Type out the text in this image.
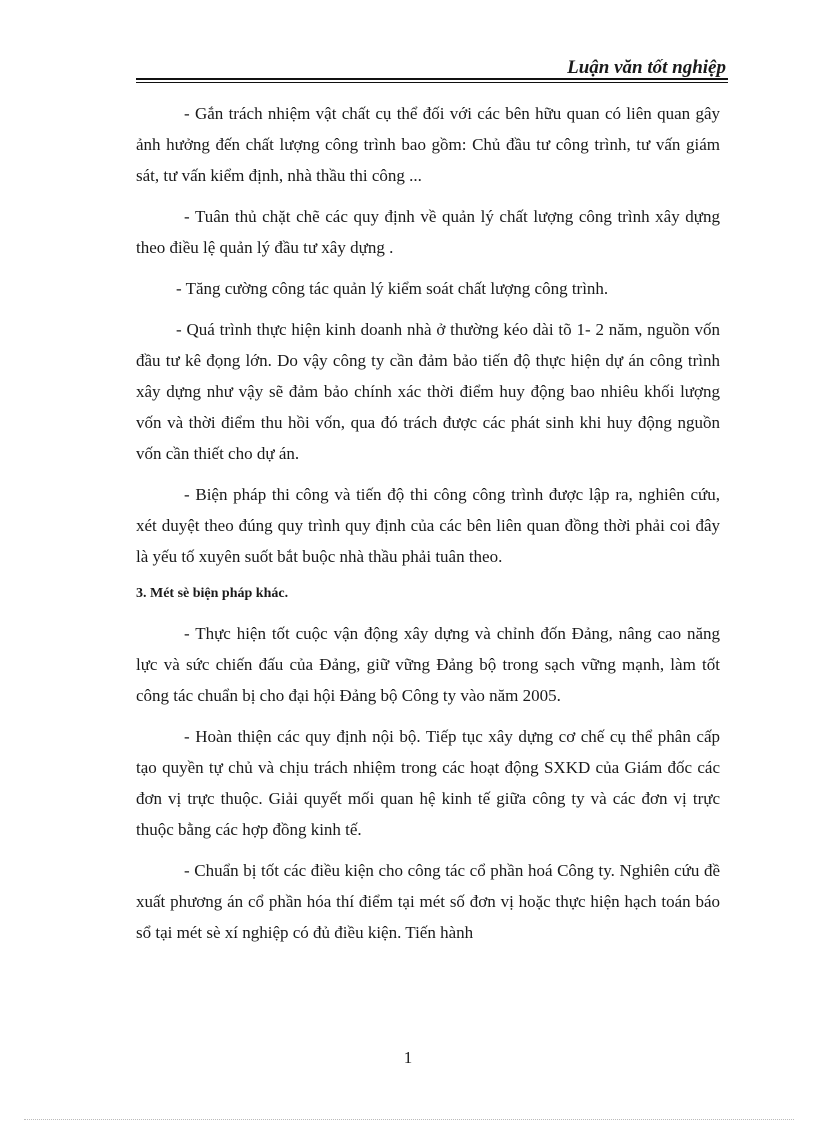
Luận văn tốt nghiệp

- Gắn trách nhiệm vật chất cụ thể đối với các bên hữu quan có liên quan gây ảnh hưởng đến chất lượng công trình bao gồm: Chủ đầu tư công trình, tư vấn giám sát, tư vấn kiểm định, nhà thầu thi công ...

- Tuân thủ chặt chẽ các quy định về quản lý chất lượng công trình xây dựng theo điều lệ quản lý đầu tư xây dựng .

- Tăng cường công tác quản lý kiểm soát chất lượng công trình.

- Quá trình thực hiện kinh doanh nhà ở thường kéo dài tõ 1- 2 năm, nguồn vốn đầu tư kê đọng lớn. Do vậy công ty cần đảm bảo tiến độ thực hiện dự án công trình xây dựng như vậy sẽ đảm bảo chính xác thời điểm huy động bao nhiêu khối lượng vốn và thời điểm thu hồi vốn, qua đó trách được các phát sinh khi huy động nguồn vốn cần thiết cho dự án.

- Biện pháp thi công và tiến độ thi công công trình được lập ra, nghiên cứu, xét duyệt theo đúng quy trình quy định của các bên liên quan đồng thời phải coi đây là yếu tố xuyên suốt bắt buộc nhà thầu phải tuân theo.

3. Mét sè biện pháp khác.

- Thực hiện tốt cuộc vận động xây dựng và chỉnh đốn Đảng, nâng cao năng lực và sức chiến đấu của Đảng, giữ vững Đảng bộ trong sạch vững mạnh, làm tốt công tác chuẩn bị cho đại hội Đảng bộ Công ty vào năm 2005.

- Hoàn thiện các quy định nội bộ. Tiếp tục xây dựng cơ chế cụ thể phân cấp tạo quyền tự chủ và chịu trách nhiệm trong các hoạt động SXKD của Giám đốc các đơn vị trực thuộc. Giải quyết mối quan hệ kinh tế giữa công ty và các đơn vị trực thuộc bằng các hợp đồng kinh tế.

- Chuẩn bị tốt các điều kiện cho công tác cổ phần hoá Công ty. Nghiên cứu đề xuất phương án cổ phần hóa thí điểm tại mét số đơn vị hoặc thực hiện hạch toán báo sổ tại mét sè xí nghiệp có đủ điều kiện. Tiến hành

1
